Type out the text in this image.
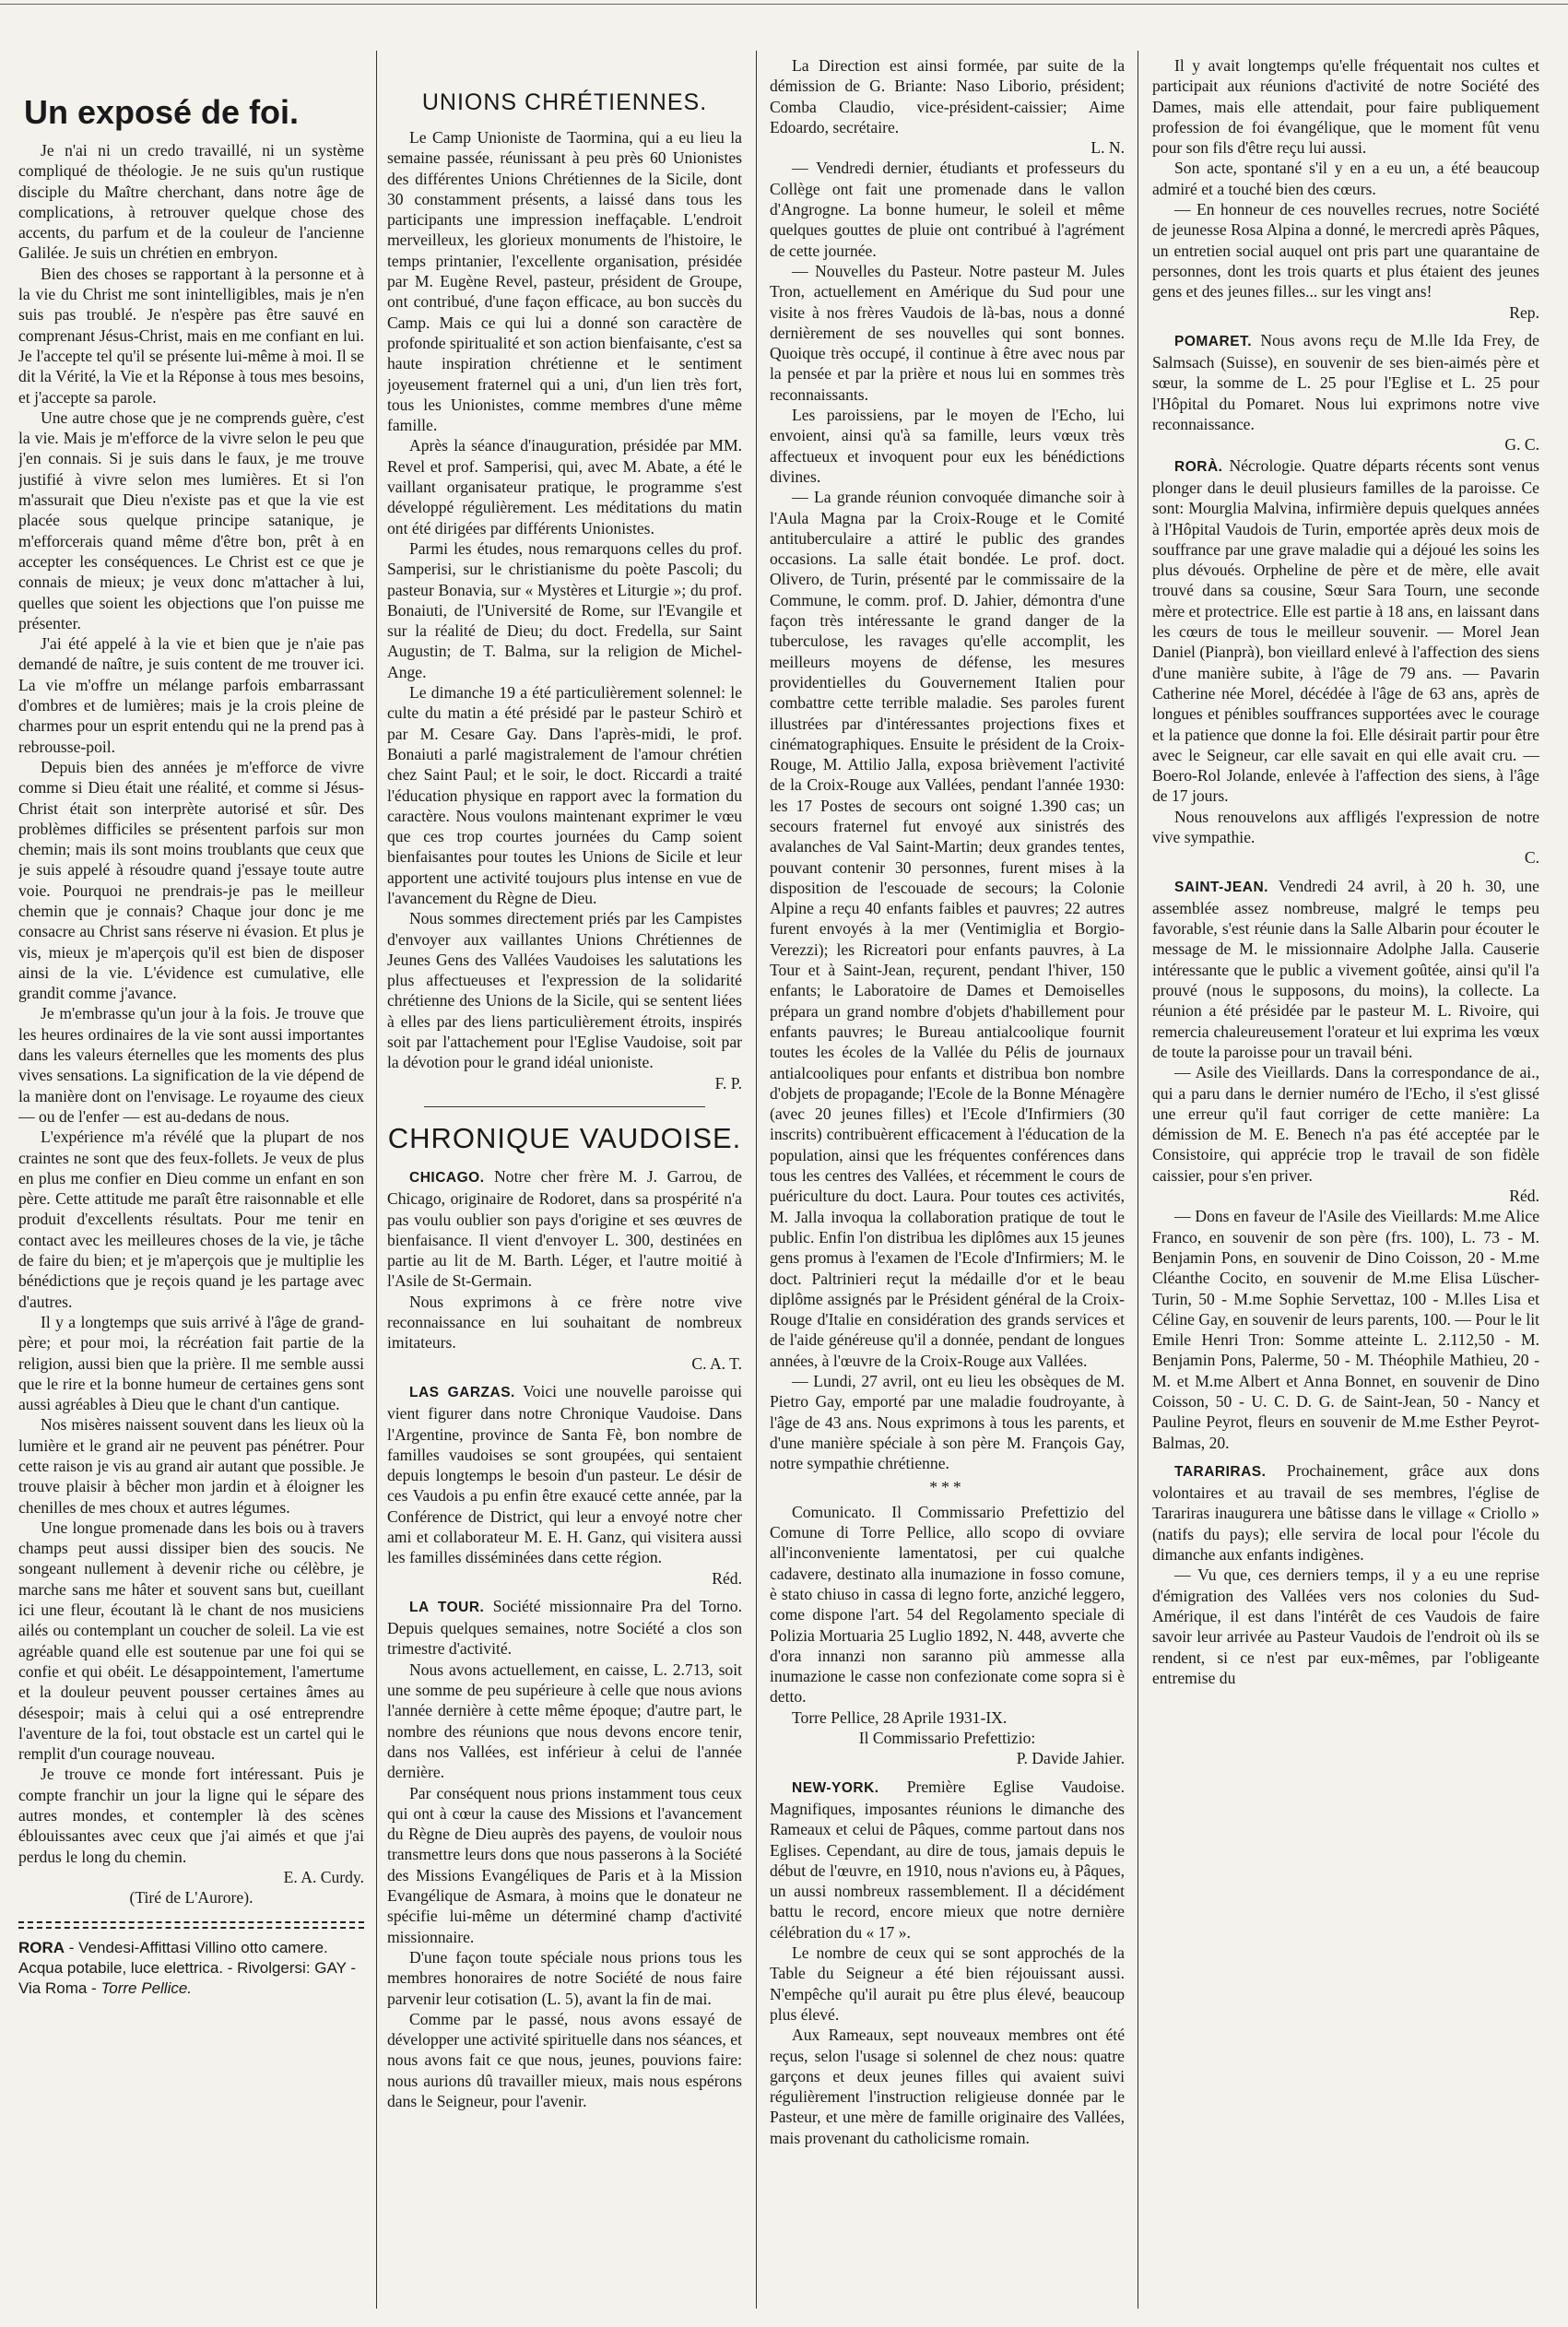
Un exposé de foi.

Je n'ai ni un credo travaillé, ni un système compliqué de théologie. Je ne suis qu'un rustique disciple du Maître cherchant, dans notre âge de complications, à retrouver quelque chose des accents, du parfum et de la couleur de l'ancienne Galilée. Je suis un chrétien en embryon.

Bien des choses se rapportant à la personne et à la vie du Christ me sont inintelligibles, mais je n'en suis pas troublé. Je n'espère pas être sauvé en comprenant Jésus-Christ, mais en me confiant en lui. Je l'accepte tel qu'il se présente lui-même à moi. Il se dit la Vérité, la Vie et la Réponse à tous mes besoins, et j'accepte sa parole.

Une autre chose que je ne comprends guère, c'est la vie. Mais je m'efforce de la vivre selon le peu que j'en connais. Si je suis dans le faux, je me trouve justifié à vivre selon mes lumières. Et si l'on m'assurait que Dieu n'existe pas et que la vie est placée sous quelque principe satanique, je m'efforcerais quand même d'être bon, prêt à en accepter les conséquences. Le Christ est ce que je connais de mieux; je veux donc m'attacher à lui, quelles que soient les objections que l'on puisse me présenter.

J'ai été appelé à la vie et bien que je n'aie pas demandé de naître, je suis content de me trouver ici. La vie m'offre un mélange parfois embarrassant d'ombres et de lumières; mais je la crois pleine de charmes pour un esprit entendu qui ne la prend pas à rebrousse-poil.

Depuis bien des années je m'efforce de vivre comme si Dieu était une réalité, et comme si Jésus-Christ était son interprète autorisé et sûr. Des problèmes difficiles se présentent parfois sur mon chemin; mais ils sont moins troublants que ceux que je suis appelé à résoudre quand j'essaye toute autre voie. Pourquoi ne prendrais-je pas le meilleur chemin que je connais? Chaque jour donc je me consacre au Christ sans réserve ni évasion. Et plus je vis, mieux je m'aperçois qu'il est bien de disposer ainsi de la vie. L'évidence est cumulative, elle grandit comme j'avance.

Je m'embrasse qu'un jour à la fois. Je trouve que les heures ordinaires de la vie sont aussi importantes dans les valeurs éternelles que les moments des plus vives sensations. La signification de la vie dépend de la manière dont on l'envisage. Le royaume des cieux — ou de l'enfer — est au-dedans de nous.

L'expérience m'a révélé que la plupart de nos craintes ne sont que des feux-follets. Je veux de plus en plus me confier en Dieu comme un enfant en son père. Cette attitude me paraît être raisonnable et elle produit d'excellents résultats. Pour me tenir en contact avec les meilleures choses de la vie, je tâche de faire du bien; et je m'aperçois que je multiplie les bénédictions que je reçois quand je les partage avec d'autres.

Il y a longtemps que suis arrivé à l'âge de grand-père; et pour moi, la récréation fait partie de la religion, aussi bien que la prière. Il me semble aussi que le rire et la bonne humeur de certaines gens sont aussi agréables à Dieu que le chant d'un cantique.

Nos misères naissent souvent dans les lieux où la lumière et le grand air ne peuvent pas pénétrer. Pour cette raison je vis au grand air autant que possible. Je trouve plaisir à bêcher mon jardin et à éloigner les chenilles de mes choux et autres légumes.

Une longue promenade dans les bois ou à travers champs peut aussi dissiper bien des soucis. Ne songeant nullement à devenir riche ou célèbre, je marche sans me hâter et souvent sans but, cueillant ici une fleur, écoutant là le chant de nos musiciens ailés ou contemplant un coucher de soleil. La vie est agréable quand elle est soutenue par une foi qui se confie et qui obéit. Le désappointement, l'amertume et la douleur peuvent pousser certaines âmes au désespoir; mais à celui qui a osé entreprendre l'aventure de la foi, tout obstacle est un cartel qui le remplit d'un courage nouveau.

Je trouve ce monde fort intéressant. Puis je compte franchir un jour la ligne qui le sépare des autres mondes, et contempler là des scènes éblouissantes avec ceux que j'ai aimés et que j'ai perdus le long du chemin.

E. A. Curdy.

(Tiré de L'Aurore).

RORA - Vendesi-Affittasi Villino otto camere. Acqua potabile, luce elettrica. - Rivolgersi: GAY - Via Roma - Torre Pellice.

UNIONS CHRÉTIENNES.

Le Camp Unioniste de Taormina, qui a eu lieu la semaine passée, réunissant à peu près 60 Unionistes des différentes Unions Chrétiennes de la Sicile, dont 30 constamment présents, a laissé dans tous les participants une impression ineffaçable. L'endroit merveilleux, les glorieux monuments de l'histoire, le temps printanier, l'excellente organisation, présidée par M. Eugène Revel, pasteur, président de Groupe, ont contribué, d'une façon efficace, au bon succès du Camp. Mais ce qui lui a donné son caractère de profonde spiritualité et son action bienfaisante, c'est sa haute inspiration chrétienne et le sentiment joyeusement fraternel qui a uni, d'un lien très fort, tous les Unionistes, comme membres d'une même famille.

Après la séance d'inauguration, présidée par MM. Revel et prof. Samperisi, qui, avec M. Abate, a été le vaillant organisateur pratique, le programme s'est développé régulièrement. Les méditations du matin ont été dirigées par différents Unionistes.

Parmi les études, nous remarquons celles du prof. Samperisi, sur le christianisme du poète Pascoli; du pasteur Bonavia, sur « Mystères et Liturgie »; du prof. Bonaiuti, de l'Université de Rome, sur l'Evangile et sur la réalité de Dieu; du doct. Fredella, sur Saint Augustin; de T. Balma, sur la religion de Michel-Ange.

Le dimanche 19 a été particulièrement solennel: le culte du matin a été présidé par le pasteur Schirò et par M. Cesare Gay. Dans l'après-midi, le prof. Bonaiuti a parlé magistralement de l'amour chrétien chez Saint Paul; et le soir, le doct. Riccardi a traité l'éducation physique en rapport avec la formation du caractère. Nous voulons maintenant exprimer le vœu que ces trop courtes journées du Camp soient bienfaisantes pour toutes les Unions de Sicile et leur apportent une activité toujours plus intense en vue de l'avancement du Règne de Dieu.

Nous sommes directement priés par les Campistes d'envoyer aux vaillantes Unions Chrétiennes de Jeunes Gens des Vallées Vaudoises les salutations les plus affectueuses et l'expression de la solidarité chrétienne des Unions de la Sicile, qui se sentent liées à elles par des liens particulièrement étroits, inspirés soit par l'attachement pour l'Eglise Vaudoise, soit par la dévotion pour le grand idéal unioniste.

F. P.

CHRONIQUE VAUDOISE.

CHICAGO. Notre cher frère M. J. Garrou, de Chicago, originaire de Rodoret, dans sa prospérité n'a pas voulu oublier son pays d'origine et ses œuvres de bienfaisance. Il vient d'envoyer L. 300, destinées en partie au lit de M. Barth. Léger, et l'autre moitié à l'Asile de St-Germain.

Nous exprimons à ce frère notre vive reconnaissance en lui souhaitant de nombreux imitateurs.

C. A. T.

LAS GARZAS. Voici une nouvelle paroisse qui vient figurer dans notre Chronique Vaudoise. Dans l'Argentine, province de Santa Fè, bon nombre de familles vaudoises se sont groupées, qui sentaient depuis longtemps le besoin d'un pasteur. Le désir de ces Vaudois a pu enfin être exaucé cette année, par la Conférence de District, qui leur a envoyé notre cher ami et collaborateur M. E. H. Ganz, qui visitera aussi les familles disséminées dans cette région.

Réd.

LA TOUR. Société missionnaire Pra del Torno. Depuis quelques semaines, notre Société a clos son trimestre d'activité.

Nous avons actuellement, en caisse, L. 2.713, soit une somme de peu supérieure à celle que nous avions l'année dernière à cette même époque; d'autre part, le nombre des réunions que nous devons encore tenir, dans nos Vallées, est inférieur à celui de l'année dernière.

Par conséquent nous prions instamment tous ceux qui ont à cœur la cause des Missions et l'avancement du Règne de Dieu auprès des payens, de vouloir nous transmettre leurs dons que nous passerons à la Société des Missions Evangéliques de Paris et à la Mission Evangélique de Asmara, à moins que le donateur ne spécifie lui-même un déterminé champ d'activité missionnaire.

D'une façon toute spéciale nous prions tous les membres honoraires de notre Société de nous faire parvenir leur cotisation (L. 5), avant la fin de mai.

Comme par le passé, nous avons essayé de développer une activité spirituelle dans nos séances, et nous avons fait ce que nous, jeunes, pouvions faire: nous aurions dû travailler mieux, mais nous espérons dans le Seigneur, pour l'avenir.

La Direction est ainsi formée, par suite de la démission de G. Briante: Naso Liborio, président; Comba Claudio, vice-président-caissier; Aime Edoardo, secrétaire.

L. N.

— Vendredi dernier, étudiants et professeurs du Collège ont fait une promenade dans le vallon d'Angrogne. La bonne humeur, le soleil et même quelques gouttes de pluie ont contribué à l'agrément de cette journée.

— Nouvelles du Pasteur. Notre pasteur M. Jules Tron, actuellement en Amérique du Sud pour une visite à nos frères Vaudois de là-bas, nous a donné dernièrement de ses nouvelles qui sont bonnes. Quoique très occupé, il continue à être avec nous par la pensée et par la prière et nous lui en sommes très reconnaissants.

Les paroissiens, par le moyen de l'Echo, lui envoient, ainsi qu'à sa famille, leurs vœux très affectueux et invoquent pour eux les bénédictions divines.

— La grande réunion convoquée dimanche soir à l'Aula Magna par la Croix-Rouge et le Comité antituberculaire a attiré le public des grandes occasions. La salle était bondée. Le prof. doct. Olivero, de Turin, présenté par le commissaire de la Commune, le comm. prof. D. Jahier, démontra d'une façon très intéressante le grand danger de la tuberculose, les ravages qu'elle accomplit, les meilleurs moyens de défense, les mesures providentielles du Gouvernement Italien pour combattre cette terrible maladie. Ses paroles furent illustrées par d'intéressantes projections fixes et cinématographiques. Ensuite le président de la Croix-Rouge, M. Attilio Jalla, exposa brièvement l'activité de la Croix-Rouge aux Vallées, pendant l'année 1930: les 17 Postes de secours ont soigné 1.390 cas; un secours fraternel fut envoyé aux sinistrés des avalanches de Val Saint-Martin; deux grandes tentes, pouvant contenir 30 personnes, furent mises à la disposition de l'escouade de secours; la Colonie Alpine a reçu 40 enfants faibles et pauvres; 22 autres furent envoyés à la mer (Ventimiglia et Borgio-Verezzi); les Ricreatori pour enfants pauvres, à La Tour et à Saint-Jean, reçurent, pendant l'hiver, 150 enfants; le Laboratoire de Dames et Demoiselles prépara un grand nombre d'objets d'habillement pour enfants pauvres; le Bureau antialcoolique fournit toutes les écoles de la Vallée du Pélis de journaux antialcooliques pour enfants et distribua bon nombre d'objets de propagande; l'Ecole de la Bonne Ménagère (avec 20 jeunes filles) et l'Ecole d'Infirmiers (30 inscrits) contribuèrent efficacement à l'éducation de la population, ainsi que les fréquentes conférences dans tous les centres des Vallées, et récemment le cours de puériculture du doct. Laura. Pour toutes ces activités, M. Jalla invoqua la collaboration pratique de tout le public. Enfin l'on distribua les diplômes aux 15 jeunes gens promus à l'examen de l'Ecole d'Infirmiers; M. le doct. Paltrinieri reçut la médaille d'or et le beau diplôme assignés par le Président général de la Croix-Rouge d'Italie en considération des grands services et de l'aide généreuse qu'il a donnée, pendant de longues années, à l'œuvre de la Croix-Rouge aux Vallées.

— Lundi, 27 avril, ont eu lieu les obsèques de M. Pietro Gay, emporté par une maladie foudroyante, à l'âge de 43 ans. Nous exprimons à tous les parents, et d'une manière spéciale à son père M. François Gay, notre sympathie chrétienne.

***

Comunicato. Il Commissario Prefettizio del Comune di Torre Pellice, allo scopo di ovviare all'inconveniente lamentatosi, per cui qualche cadavere, destinato alla inumazione in fosso comune, è stato chiuso in cassa di legno forte, anziché leggero, come dispone l'art. 54 del Regolamento speciale di Polizia Mortuaria 25 Luglio 1892, N. 448, avverte che d'ora innanzi non saranno più ammesse alla inumazione le casse non confezionate come sopra si è detto.

Torre Pellice, 28 Aprile 1931-IX.

Il Commissario Prefettizio:

P. Davide Jahier.

NEW-YORK. Première Eglise Vaudoise. Magnifiques, imposantes réunions le dimanche des Rameaux et celui de Pâques, comme partout dans nos Eglises. Cependant, au dire de tous, jamais depuis le début de l'œuvre, en 1910, nous n'avions eu, à Pâques, un aussi nombreux rassemblement. Il a décidément battu le record, encore mieux que notre dernière célébration du « 17 ».

Le nombre de ceux qui se sont approchés de la Table du Seigneur a été bien réjouissant aussi. N'empêche qu'il aurait pu être plus élevé, beaucoup plus élevé.

Aux Rameaux, sept nouveaux membres ont été reçus, selon l'usage si solennel de chez nous: quatre garçons et deux jeunes filles qui avaient suivi régulièrement l'instruction religieuse donnée par le Pasteur, et une mère de famille originaire des Vallées, mais provenant du catholicisme romain.

Il y avait longtemps qu'elle fréquentait nos cultes et participait aux réunions d'activité de notre Société des Dames, mais elle attendait, pour faire publiquement profession de foi évangélique, que le moment fût venu pour son fils d'être reçu lui aussi.

Son acte, spontané s'il y en a eu un, a été beaucoup admiré et a touché bien des cœurs.

— En honneur de ces nouvelles recrues, notre Société de jeunesse Rosa Alpina a donné, le mercredi après Pâques, un entretien social auquel ont pris part une quarantaine de personnes, dont les trois quarts et plus étaient des jeunes gens et des jeunes filles... sur les vingt ans!

Rep.

POMARET. Nous avons reçu de M.lle Ida Frey, de Salmsach (Suisse), en souvenir de ses bien-aimés père et sœur, la somme de L. 25 pour l'Eglise et L. 25 pour l'Hôpital du Pomaret. Nous lui exprimons notre vive reconnaissance.

G. C.

RORÀ. Nécrologie. Quatre départs récents sont venus plonger dans le deuil plusieurs familles de la paroisse. Ce sont: Mourglia Malvina, infirmière depuis quelques années à l'Hôpital Vaudois de Turin, emportée après deux mois de souffrance par une grave maladie qui a déjoué les soins les plus dévoués. Orpheline de père et de mère, elle avait trouvé dans sa cousine, Sœur Sara Tourn, une seconde mère et protectrice. Elle est partie à 18 ans, en laissant dans les cœurs de tous le meilleur souvenir. — Morel Jean Daniel (Pianprà), bon vieillard enlevé à l'affection des siens d'une manière subite, à l'âge de 79 ans. — Pavarin Catherine née Morel, décédée à l'âge de 63 ans, après de longues et pénibles souffrances supportées avec le courage et la patience que donne la foi. Elle désirait partir pour être avec le Seigneur, car elle savait en qui elle avait cru. — Boero-Rol Jolande, enlevée à l'affection des siens, à l'âge de 17 jours.

Nous renouvelons aux affligés l'expression de notre vive sympathie.

C.

SAINT-JEAN. Vendredi 24 avril, à 20 h. 30, une assemblée assez nombreuse, malgré le temps peu favorable, s'est réunie dans la Salle Albarin pour écouter le message de M. le missionnaire Adolphe Jalla. Causerie intéressante que le public a vivement goûtée, ainsi qu'il l'a prouvé (nous le supposons, du moins), la collecte. La réunion a été présidée par le pasteur M. L. Rivoire, qui remercia chaleureusement l'orateur et lui exprima les vœux de toute la paroisse pour un travail béni.

— Asile des Vieillards. Dans la correspondance de ai., qui a paru dans le dernier numéro de l'Echo, il s'est glissé une erreur qu'il faut corriger de cette manière: La démission de M. E. Benech n'a pas été acceptée par le Consistoire, qui apprécie trop le travail de son fidèle caissier, pour s'en priver.

Réd.

— Dons en faveur de l'Asile des Vieillards: M.me Alice Franco, en souvenir de son père (frs. 100), L. 73 - M. Benjamin Pons, en souvenir de Dino Coisson, 20 - M.me Cléanthe Cocito, en souvenir de M.me Elisa Lüscher-Turin, 50 - M.me Sophie Servettaz, 100 - M.lles Lisa et Céline Gay, en souvenir de leurs parents, 100. — Pour le lit Emile Henri Tron: Somme atteinte L. 2.112,50 - M. Benjamin Pons, Palerme, 50 - M. Théophile Mathieu, 20 - M. et M.me Albert et Anna Bonnet, en souvenir de Dino Coisson, 50 - U. C. D. G. de Saint-Jean, 50 - Nancy et Pauline Peyrot, fleurs en souvenir de M.me Esther Peyrot-Balmas, 20.

TARARIRAS. Prochainement, grâce aux dons volontaires et au travail de ses membres, l'église de Tarariras inaugurera une bâtisse dans le village « Criollo » (natifs du pays); elle servira de local pour l'école du dimanche aux enfants indigènes.

— Vu que, ces derniers temps, il y a eu une reprise d'émigration des Vallées vers nos colonies du Sud-Amérique, il est dans l'intérêt de ces Vaudois de faire savoir leur arrivée au Pasteur Vaudois de l'endroit où ils se rendent, si ce n'est par eux-mêmes, par l'obligeante entremise du
